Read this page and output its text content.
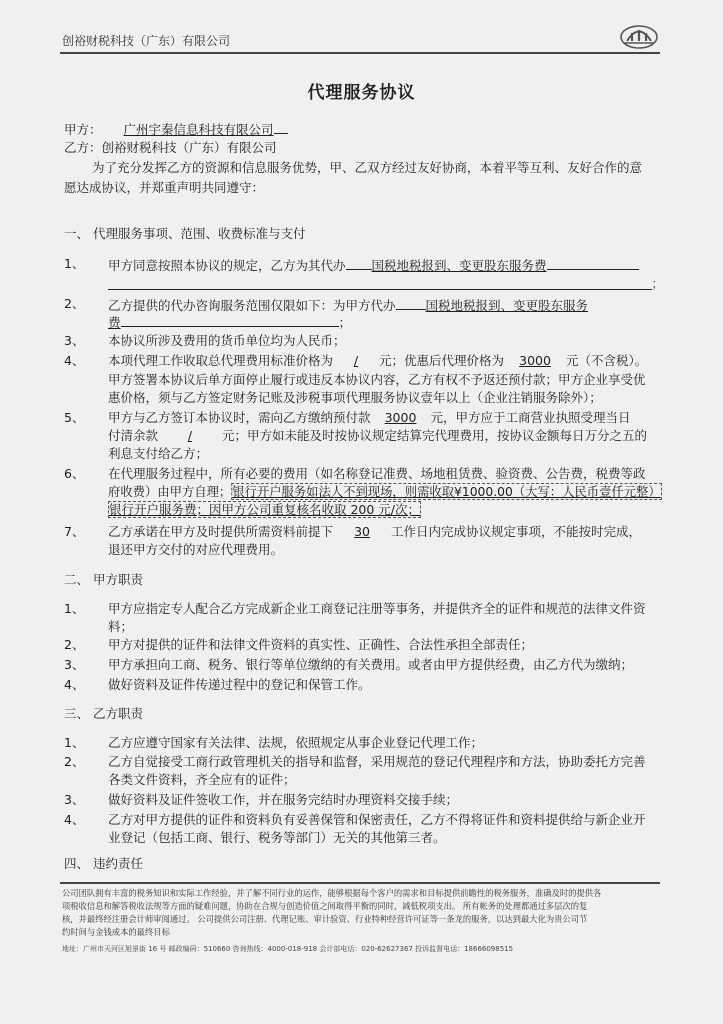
创裕财税科技（广东）有限公司
代理服务协议
甲方： 广州宇秦信息科技有限公司
乙方：创裕财税科技（广东）有限公司
为了充分发挥乙方的资源和信息服务优势，甲、乙双方经过友好协商，本着平等互利、友好合作的意
愿达成协议，并郑重声明共同遵守：
一、 代理服务事项、范围、收费标准与支付
1、 甲方同意按照本协议的规定，乙方为其代办 国税地税报到、变更股东服务费
；
2、 乙方提供的代办咨询服务范围仅限如下：为甲方代办 国税地税报到、变更股东服务
费	；
3、 本协议所涉及费用的货币单位均为人民币；
4、 本项代理工作收取总代理费用标准价格为 / 元；优惠后代理价格为 3000 元（不含税）。
甲方签署本协议后单方面停止履行或违反本协议内容，乙方有权不予返还预付款；甲方企业享受优
惠价格，须与乙方签定财务记账及涉税事项代理服务协议壹年以上（企业注销服务除外）；
5、 甲方与乙方签订本协议时，需向乙方缴纳预付款 3000 元，甲方应于工商营业执照受理当日
付清余款 / 元；甲方如未能及时按协议规定结算完代理费用，按协议金额每日万分之五的
利息支付给乙方；
6、 在代理服务过程中，所有必要的费用（如名称登记准费、场地租赁费、验资费、公告费，税费等政
府收费）由甲方自理；银行开户服务如法人不到现场，则需收取¥1000.00（大写：人民币壹仟元整）
银行开户服务费；因甲方公司重复核名收取 200 元/次；
7、 乙方承诺在甲方及时提供所需资料前提下 30 工作日内完成协议规定事项，不能按时完成，
退还甲方交付的对应代理费用。
二、 甲方职责
1、 甲方应指定专人配合乙方完成新企业工商登记注册等事务，并提供齐全的证件和规范的法律文件资
料；
2、 甲方对提供的证件和法律文件资料的真实性、正确性、合法性承担全部责任；
3、 甲方承担向工商、税务、银行等单位缴纳的有关费用。或者由甲方提供经费，由乙方代为缴纳；
4、 做好资料及证件传递过程中的登记和保管工作。
三、 乙方职责
1、 乙方应遵守国家有关法律、法规，依照规定从事企业登记代理工作；
2、 乙方自觉接受工商行政管理机关的指导和监督，采用规范的登记代理程序和方法，协助委托方完善
各类文件资料，齐全应有的证件；
3、 做好资料及证件签收工作，并在服务完结时办理资料交接手续；
4、 乙方对甲方提供的证件和资料负有妥善保管和保密责任，乙方不得将证件和资料提供给与新企业开
业登记（包括工商、银行、税务等部门）无关的其他第三者。
四、 违约责任
公司团队拥有丰富的税务知识和实际工作经验，并了解不同行业的运作，能够根据每个客户的需求和目标提供前瞻性的税务服务，准确及时的提供各
项税收信息和解答税收法规等方面的疑难问题，协助在合规与创造价值之间取得平衡的同时，减低税项支出。 所有帐务的处理都通过多层次的复
核，并最终经注册会计师审阅通过。 公司提供公司注册、代理记账、审计验资、行业特种经营许可证等一条龙的服务，以达到最大化为贵公司节
约时间与金钱成本的最终目标
地址：广州市天河区旭景街 16 号 邮政编码：510660 咨询热线：4000-018-918 会计部电话：020-62627367 投诉监督电话：18666098515
